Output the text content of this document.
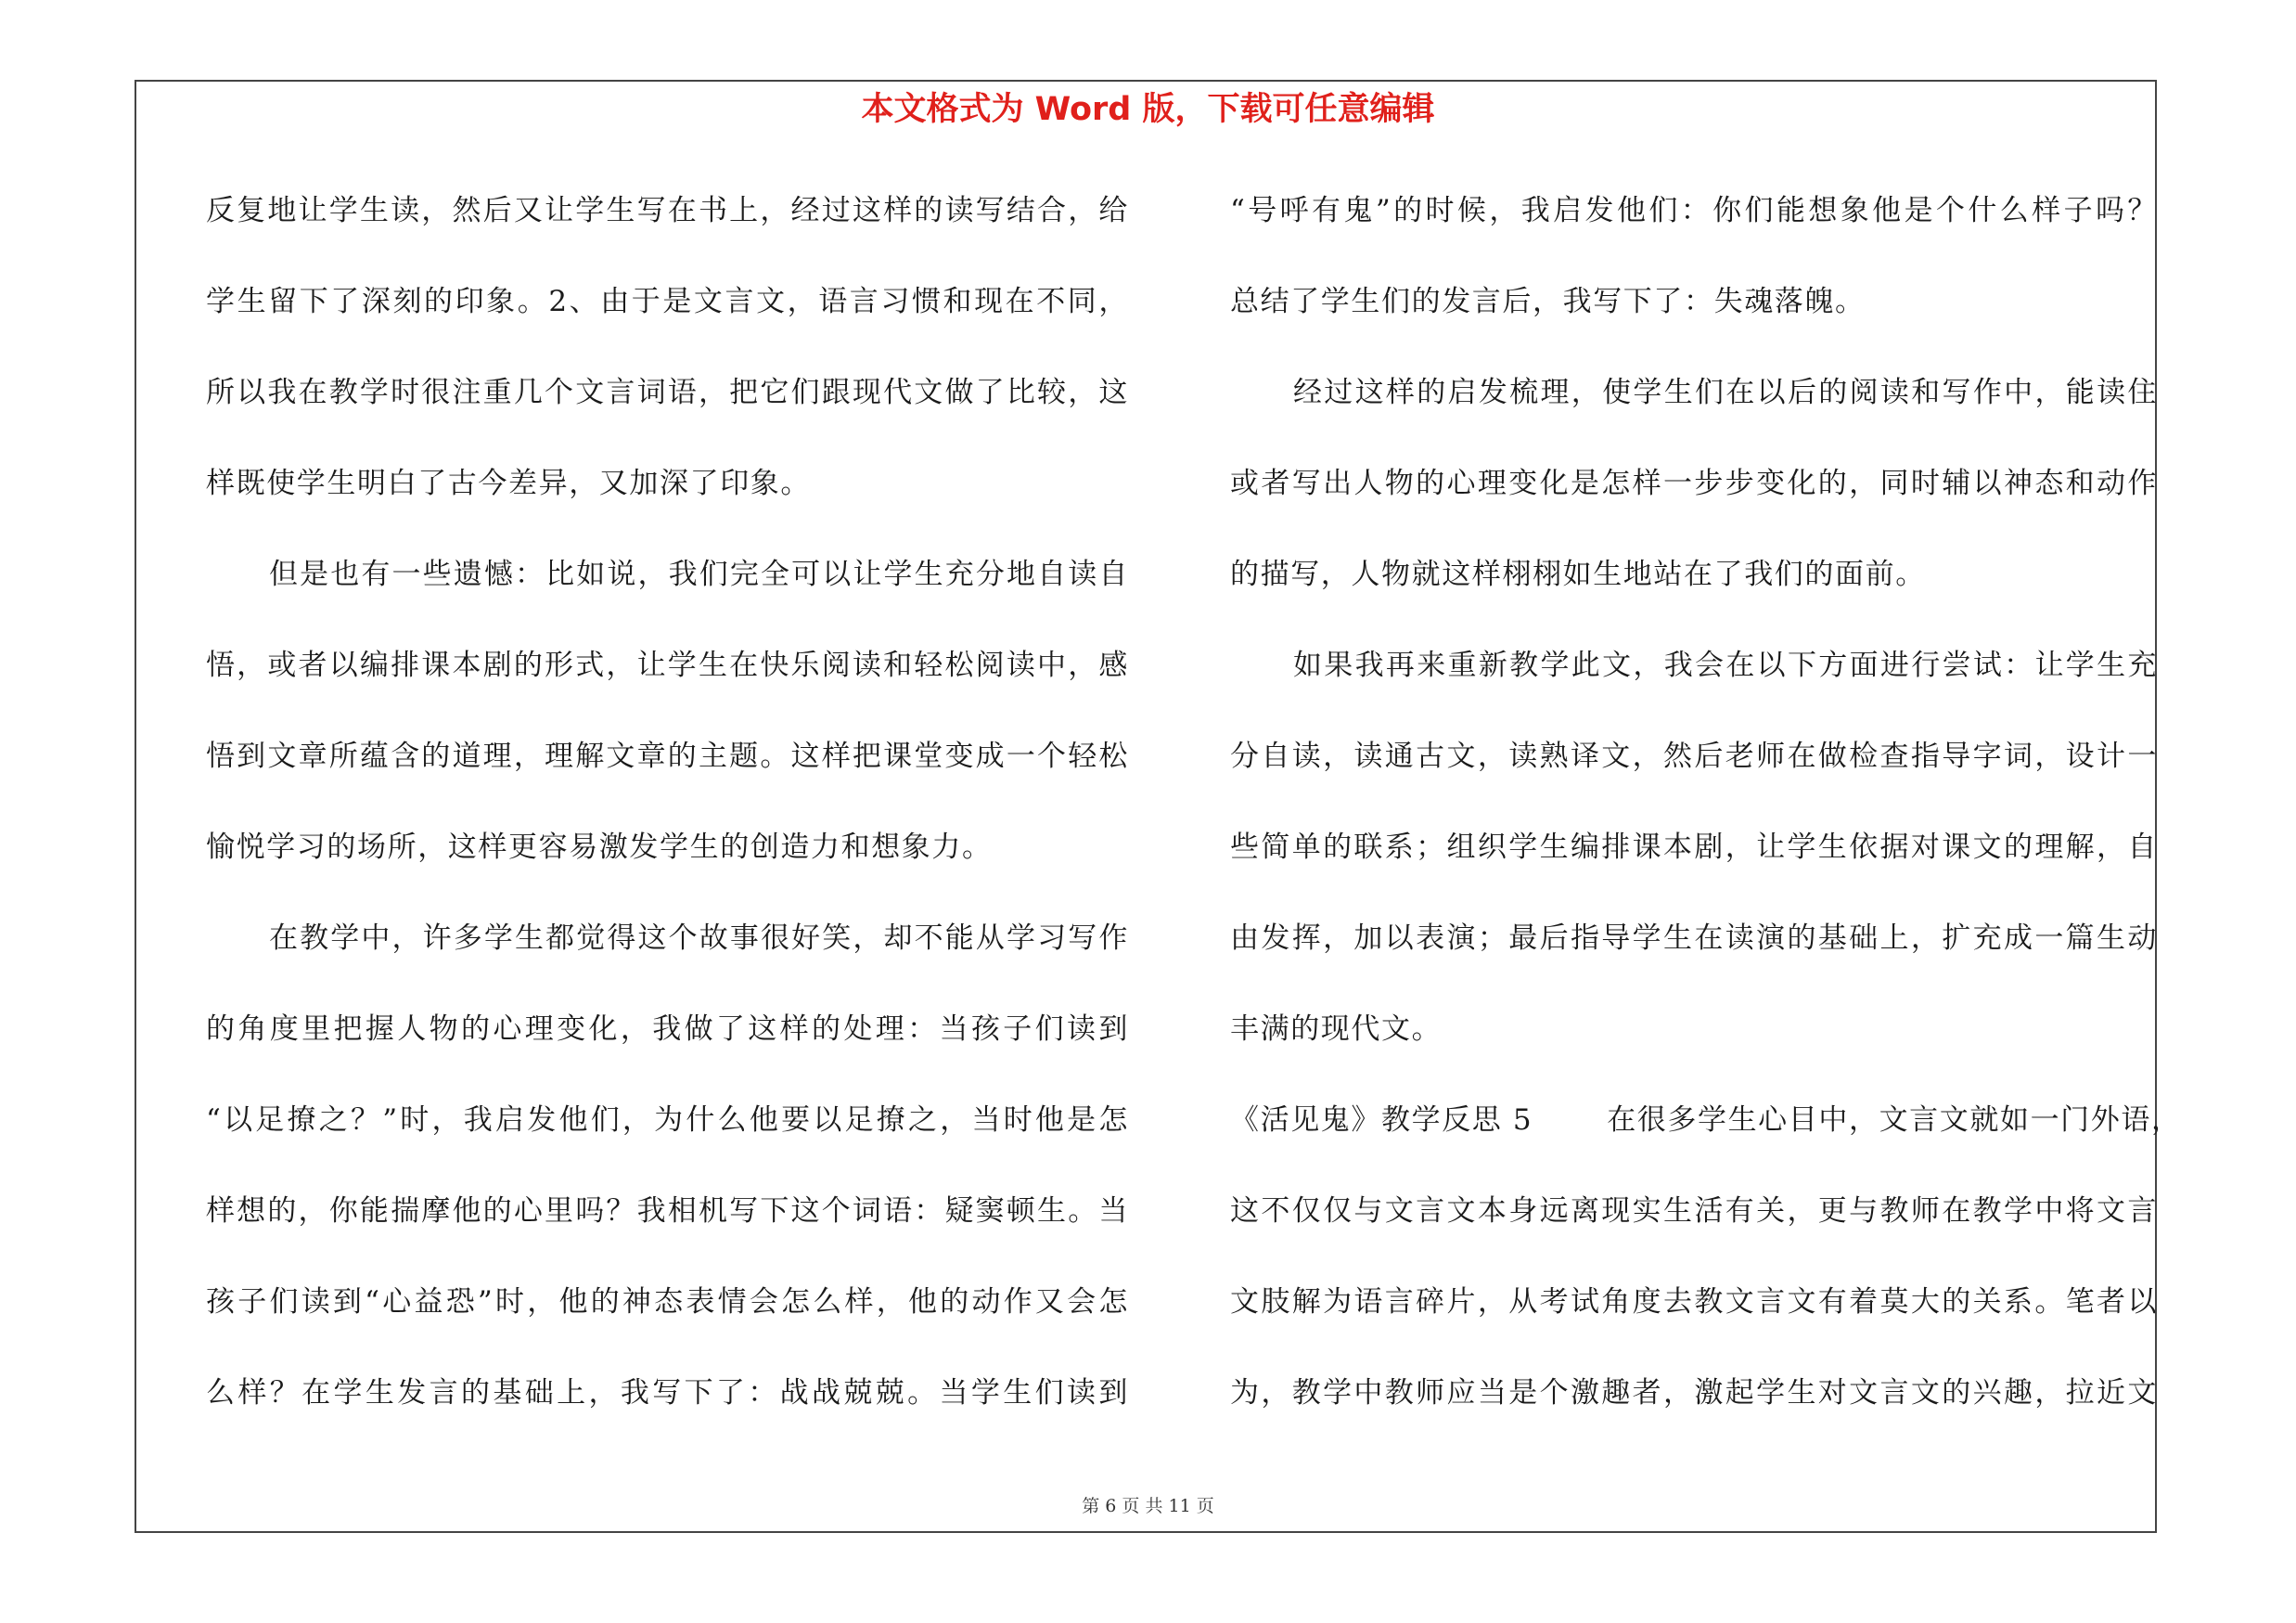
本文格式为 Word 版，下载可任意编辑
反复地让学生读，然后又让学生写在书上，经过这样的读写结合，给
学生留下了深刻的印象。2、由于是文言文，语言习惯和现在不同，
所以我在教学时很注重几个文言词语，把它们跟现代文做了比较，这
样既使学生明白了古今差异，又加深了印象。
但是也有一些遗憾：比如说，我们完全可以让学生充分地自读自
悟，或者以编排课本剧的形式，让学生在快乐阅读和轻松阅读中，感
悟到文章所蕴含的道理，理解文章的主题。这样把课堂变成一个轻松
愉悦学习的场所，这样更容易激发学生的创造力和想象力。
在教学中，许多学生都觉得这个故事很好笑，却不能从学习写作
的角度里把握人物的心理变化，我做了这样的处理：当孩子们读到
“以足撩之？”时，我启发他们，为什么他要以足撩之，当时他是怎
样想的，你能揣摩他的心里吗？我相机写下这个词语：疑窦顿生。当
孩子们读到“心益恐”时，他的神态表情会怎么样，他的动作又会怎
么样？在学生发言的基础上，我写下了：战战兢兢。当学生们读到
“号呼有鬼”的时候，我启发他们：你们能想象他是个什么样子吗？
总结了学生们的发言后，我写下了：失魂落魄。
经过这样的启发梳理，使学生们在以后的阅读和写作中，能读住
或者写出人物的心理变化是怎样一步步变化的，同时辅以神态和动作
的描写，人物就这样栩栩如生地站在了我们的面前。
如果我再来重新教学此文，我会在以下方面进行尝试：让学生充
分自读，读通古文，读熟译文，然后老师在做检查指导字词，设计一
些简单的联系；组织学生编排课本剧，让学生依据对课文的理解，自
由发挥，加以表演；最后指导学生在读演的基础上，扩充成一篇生动
丰满的现代文。
《活见鬼》教学反思 5	在很多学生心目中，文言文就如一门外语，
这不仅仅与文言文本身远离现实生活有关，更与教师在教学中将文言
文肢解为语言碎片，从考试角度去教文言文有着莫大的关系。笔者以
为，教学中教师应当是个激趣者，激起学生对文言文的兴趣，拉近文
第 6 页 共 11 页
